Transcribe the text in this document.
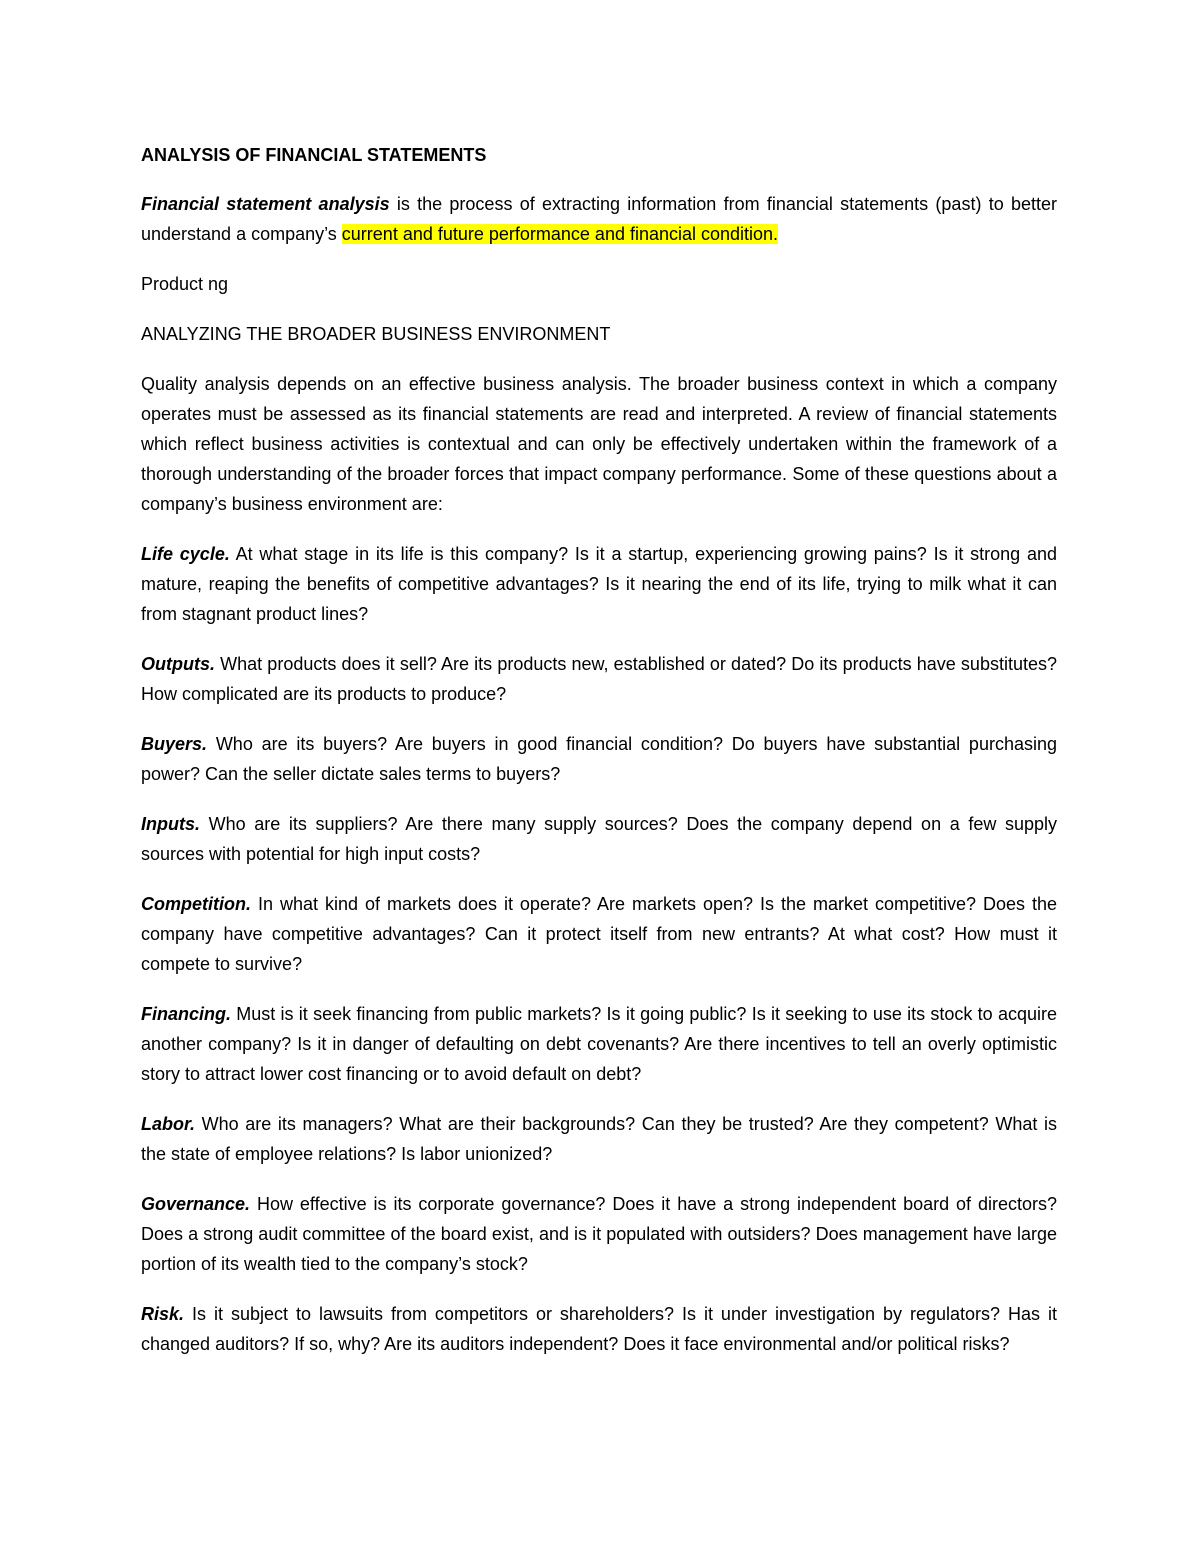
ANALYSIS OF FINANCIAL STATEMENTS
Financial statement analysis is the process of extracting information from financial statements (past) to better understand a company’s current and future performance and financial condition.
Product ng
ANALYZING THE BROADER BUSINESS ENVIRONMENT
Quality analysis depends on an effective business analysis. The broader business context in which a company operates must be assessed as its financial statements are read and interpreted. A review of financial statements which reflect business activities is contextual and can only be effectively undertaken within the framework of a thorough understanding of the broader forces that impact company performance. Some of these questions about a company’s business environment are:
Life cycle. At what stage in its life is this company? Is it a startup, experiencing growing pains? Is it strong and mature, reaping the benefits of competitive advantages? Is it nearing the end of its life, trying to milk what it can from stagnant product lines?
Outputs. What products does it sell? Are its products new, established or dated? Do its products have substitutes? How complicated are its products to produce?
Buyers. Who are its buyers? Are buyers in good financial condition? Do buyers have substantial purchasing power? Can the seller dictate sales terms to buyers?
Inputs. Who are its suppliers? Are there many supply sources? Does the company depend on a few supply sources with potential for high input costs?
Competition. In what kind of markets does it operate? Are markets open? Is the market competitive? Does the company have competitive advantages? Can it protect itself from new entrants? At what cost? How must it compete to survive?
Financing. Must is it seek financing from public markets? Is it going public? Is it seeking to use its stock to acquire another company? Is it in danger of defaulting on debt covenants? Are there incentives to tell an overly optimistic story to attract lower cost financing or to avoid default on debt?
Labor. Who are its managers? What are their backgrounds? Can they be trusted? Are they competent? What is the state of employee relations? Is labor unionized?
Governance. How effective is its corporate governance? Does it have a strong independent board of directors? Does a strong audit committee of the board exist, and is it populated with outsiders? Does management have large portion of its wealth tied to the company’s stock?
Risk. Is it subject to lawsuits from competitors or shareholders? Is it under investigation by regulators? Has it changed auditors? If so, why? Are its auditors independent? Does it face environmental and/or political risks?
